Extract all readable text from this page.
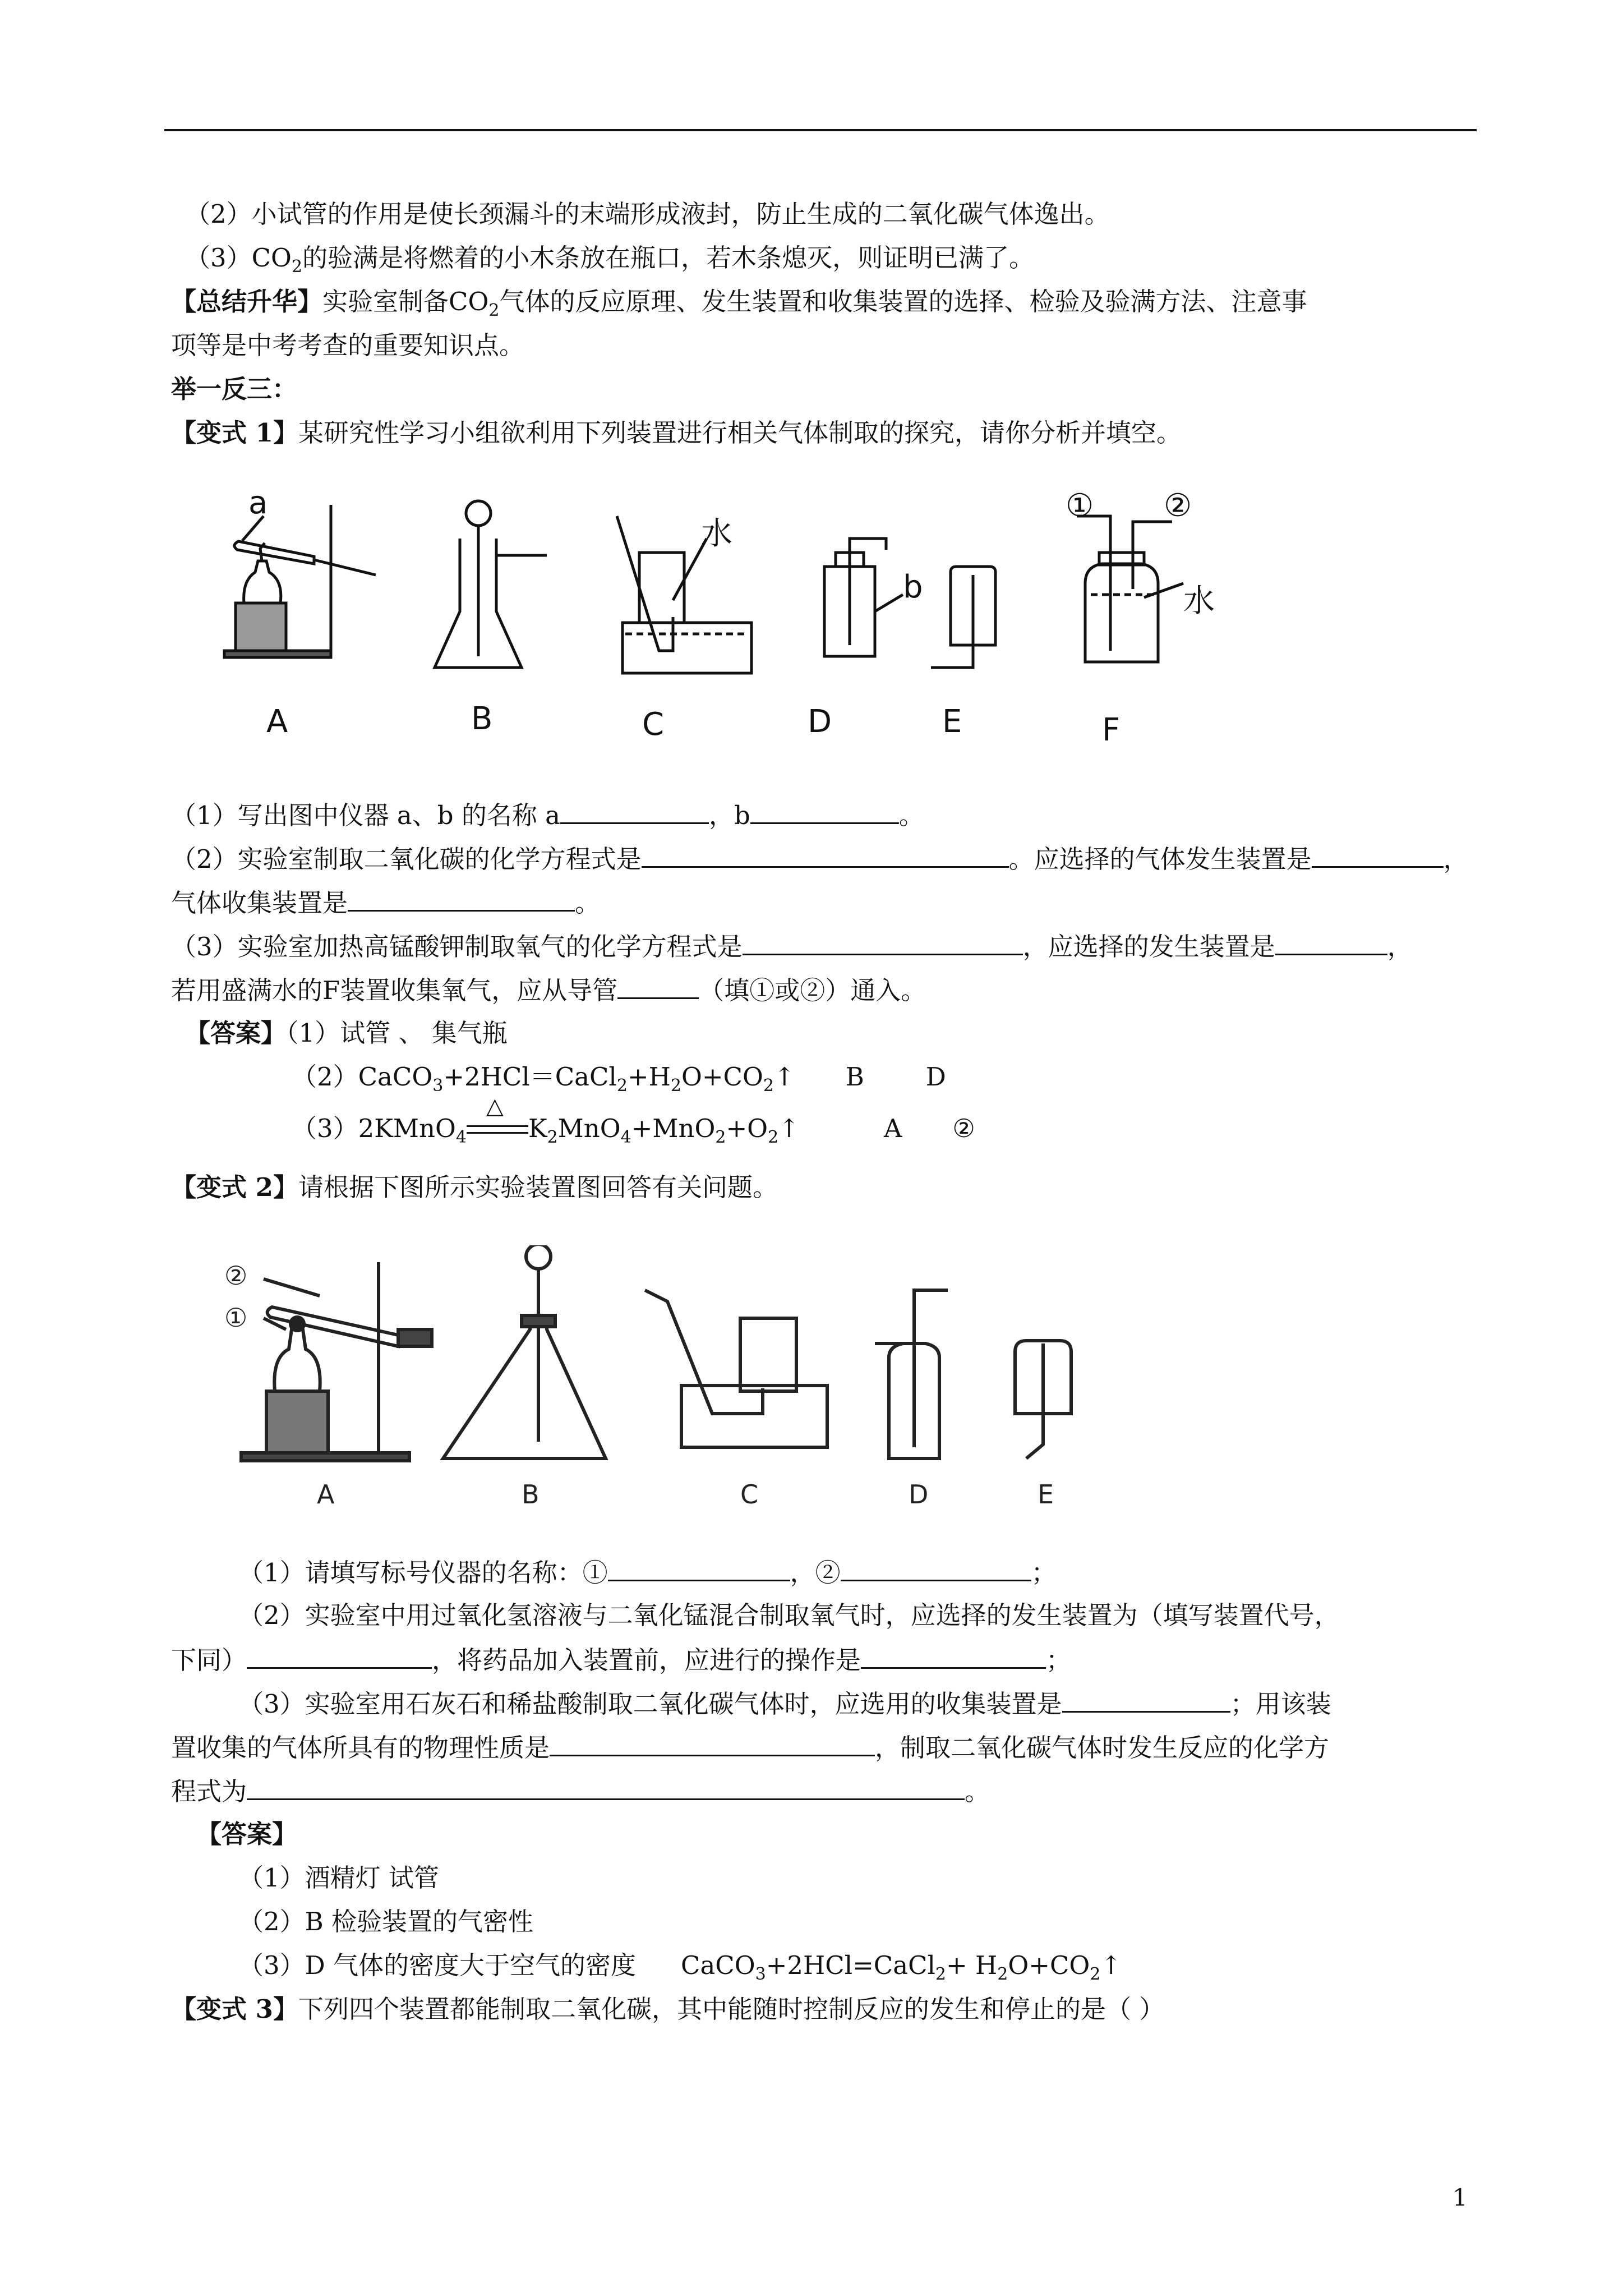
（2）小试管的作用是使长颈漏斗的末端形成液封，防止生成的二氧化碳气体逸出。
$(3)CO_2$的验满是将燃着的小木条放在瓶口，若木条熄灭，则证明已满了。
【总结升华】实验室制备$CO_2$气体的反应原理、发生装置和收集装置的选择、检验及验满方法、注意事
项等是中考考查的重要知识点。
举一反三：
【变式 1】某研究性学习小组欲利用下列装置进行相关气体制取的探究，请你分析并填空。
a
b
水
① ②
水
A	B	C	D	E	F
（1）写出图中仪器 a、b 的名称 a	，b	。
（2）实验室制取二氧化碳的化学方程式是	。应选择的气体发生装置是	，
气体收集装置是	。
（3）实验室加热高锰酸钾制取氧气的化学方程式是	，应选择的发生装置是	，
若用盛满水的F装置收集氧气，应从导管	（填①或②）通入。
【答案】（1）试管 、 集气瓶
$(2)CaCO_3+2HCl=CaCl_2+H_2O+CO_2↑$ B D
（3）2KMnO$_4$
△
$K_2MnO_4+MnO_2+O_2↑$	A ②
【变式 2】请根据下图所示实验装置图回答有关问题。
②
①
A	B	C	D	E
（1）请填写标号仪器的名称：①	，②	；
（2）实验室中用过氧化氢溶液与二氧化锰混合制取氧气时，应选择的发生装置为（填写装置代号，
下同）	，将药品加入装置前，应进行的操作是	；
（3）实验室用石灰石和稀盐酸制取二氧化碳气体时，应选用的收集装置是	；用该装
置收集的气体所具有的物理性质是	，制取二氧化碳气体时发生反应的化学方
程式为	。
【答案】
（1）酒精灯 试管
（2）B 检验装置的气密性
（3）D 气体的密度大于空气的密度 CaCO$_3$+2HCl=CaCl$_2$+ $H_2O+CO_2↑$
【变式 3】下列四个装置都能制取二氧化碳，其中能随时控制反应的发生和停止的是（ ）
1
